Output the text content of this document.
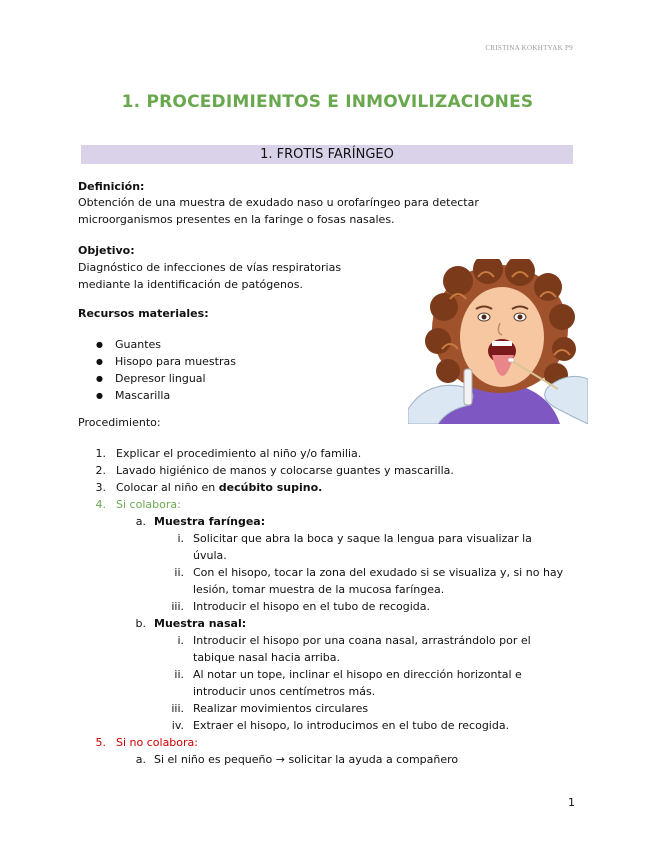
CRISTINA KOKHTYAK P9
1. PROCEDIMIENTOS E INMOVILIZACIONES
1. FROTIS FARÍNGEO
Definición:
Obtención de una muestra de exudado naso u orofaríngeo para detectar
microorganismos presentes en la faringe o fosas nasales.
Objetivo:
Diagnóstico de infecciones de vías respiratorias
mediante la identificación de patógenos.
Recursos materiales:
● Guantes
● Hisopo para muestras
● Depresor lingual
● Mascarilla
Procedimiento:
1. Explicar el procedimiento al niño y/o familia.
2. Lavado higiénico de manos y colocarse guantes y mascarilla.
3. Colocar al niño en decúbito supino.
4. Si colabora:
a. Muestra faríngea:
i. Solicitar que abra la boca y saque la lengua para visualizar la
úvula.
ii. Con el hisopo, tocar la zona del exudado si se visualiza y, si no hay
lesión, tomar muestra de la mucosa faríngea.
iii. Introducir el hisopo en el tubo de recogida.
b. Muestra nasal:
i. Introducir el hisopo por una coana nasal, arrastrándolo por el
tabique nasal hacia arriba.
ii. Al notar un tope, inclinar el hisopo en dirección horizontal e
introducir unos centímetros más.
iii. Realizar movimientos circulares
iv. Extraer el hisopo, lo introducimos en el tubo de recogida.
5. Si no colabora:
a. Si el niño es pequeño → solicitar la ayuda a compañero
1
